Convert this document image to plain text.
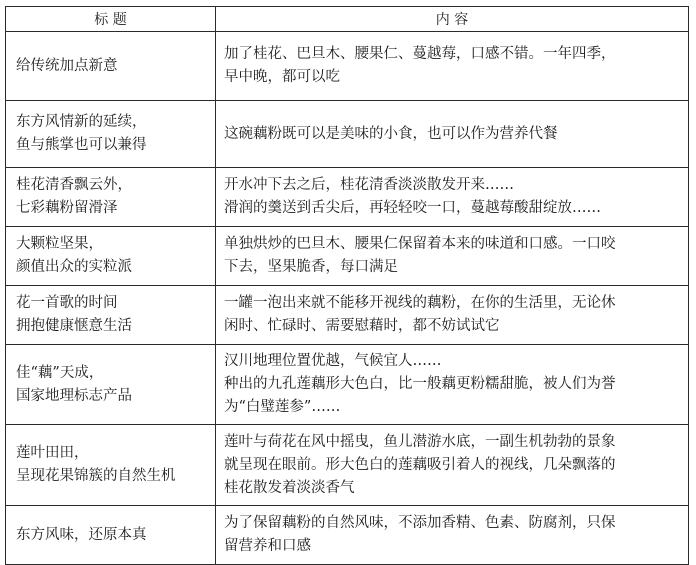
标 题	内 容

给传统加点新意	加了桂花、巴旦木、腰果仁、蔓越莓，口感不错。一年四季，
早中晚，都可以吃

东方风情新的延续，
鱼与熊掌也可以兼得	这碗藕粉既可以是美味的小食，也可以作为营养代餐

桂花清香飘云外，
七彩藕粉留滑泽	开水冲下去之后，桂花清香淡淡散发开来……
滑润的羹送到舌尖后，再轻轻咬一口，蔓越莓酸甜绽放……

大颗粒坚果，
颜值出众的实粒派	单独烘炒的巴旦木、腰果仁保留着本来的味道和口感。一口咬
下去，坚果脆香，每口满足

花一首歌的时间
拥抱健康惬意生活	一罐一泡出来就不能移开视线的藕粉，在你的生活里，无论休
闲时、忙碌时、需要慰藉时，都不妨试试它

佳“藕”天成，
国家地理标志产品	汉川地理位置优越，气候宜人……
种出的九孔莲藕形大色白，比一般藕更粉糯甜脆，被人们为誉
为“白璧莲参”……

莲叶田田，
呈现花果锦簇的自然生机	莲叶与荷花在风中摇曳，鱼儿潜游水底，一副生机勃勃的景象
就呈现在眼前。形大色白的莲藕吸引着人的视线，几朵飘落的
桂花散发着淡淡香气

东方风味，还原本真	为了保留藕粉的自然风味，不添加香精、色素、防腐剂，只保
留营养和口感
